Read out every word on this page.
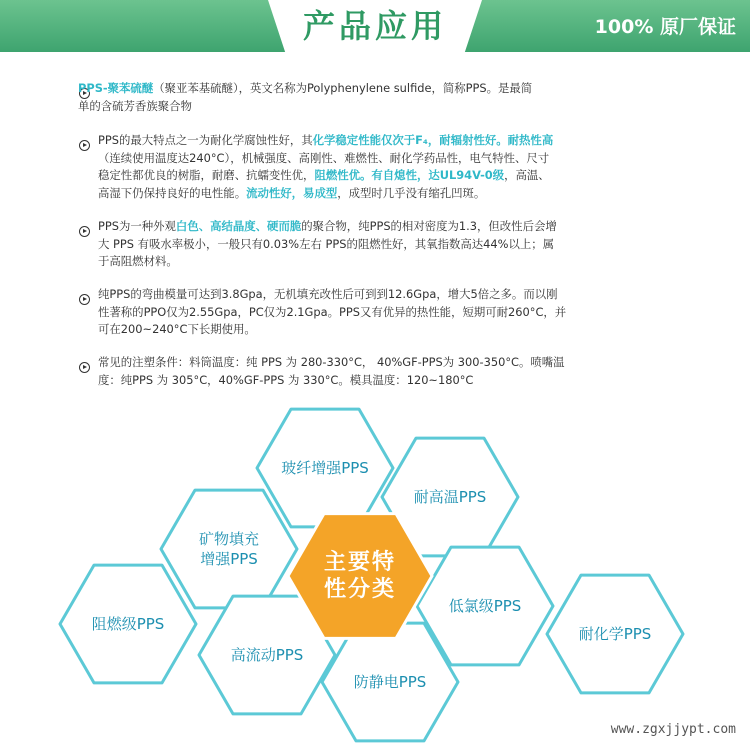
产品应用	100% 原厂保证
PPS-聚苯硫醚（聚亚苯基硫醚），英文名称为Polyphenylene sulfide，简称PPS。是最简
单的含硫芳香族聚合物
PPS的最大特点之一为耐化学腐蚀性好，其化学稳定性能仅次于F₄，耐辐射性好。耐热性高
（连续使用温度达240°C），机械强度、高刚性、难燃性、耐化学药品性，电气特性、尺寸
稳定性都优良的树脂，耐磨、抗蠕变性优，阻燃性优。有自熄性，达UL94V-0级，高温、
高湿下仍保持良好的电性能。流动性好，易成型，成型时几乎没有缩孔凹斑。
PPS为一种外观白色、高结晶度、硬而脆的聚合物，纯PPS的相对密度为1.3，但改性后会增
大 PPS 有吸水率极小，一般只有0.03%左右 PPS的阻燃性好，其氧指数高达44%以上；属
于高阻燃材料。
纯PPS的弯曲模量可达到3.8Gpa，无机填充改性后可到到12.6Gpa，增大5倍之多。而以刚
性著称的PPO仅为2.55Gpa，PC仅为2.1Gpa。PPS又有优异的热性能，短期可耐260°C，并
可在200~240°C下长期使用。
常见的注塑条件：料筒温度：纯 PPS 为 280-330°C， 40%GF-PPS为 300-350°C。喷嘴温
度：纯PPS 为 305°C，40%GF-PPS 为 330°C。模具温度：120~180°C
主要特
性分类
玻纤增强PPS
耐高温PPS
矿物填充
增强PPS
阻燃级PPS
低氯级PPS
耐化学PPS
高流动PPS
防静电PPS
www.zgxjjypt.com
